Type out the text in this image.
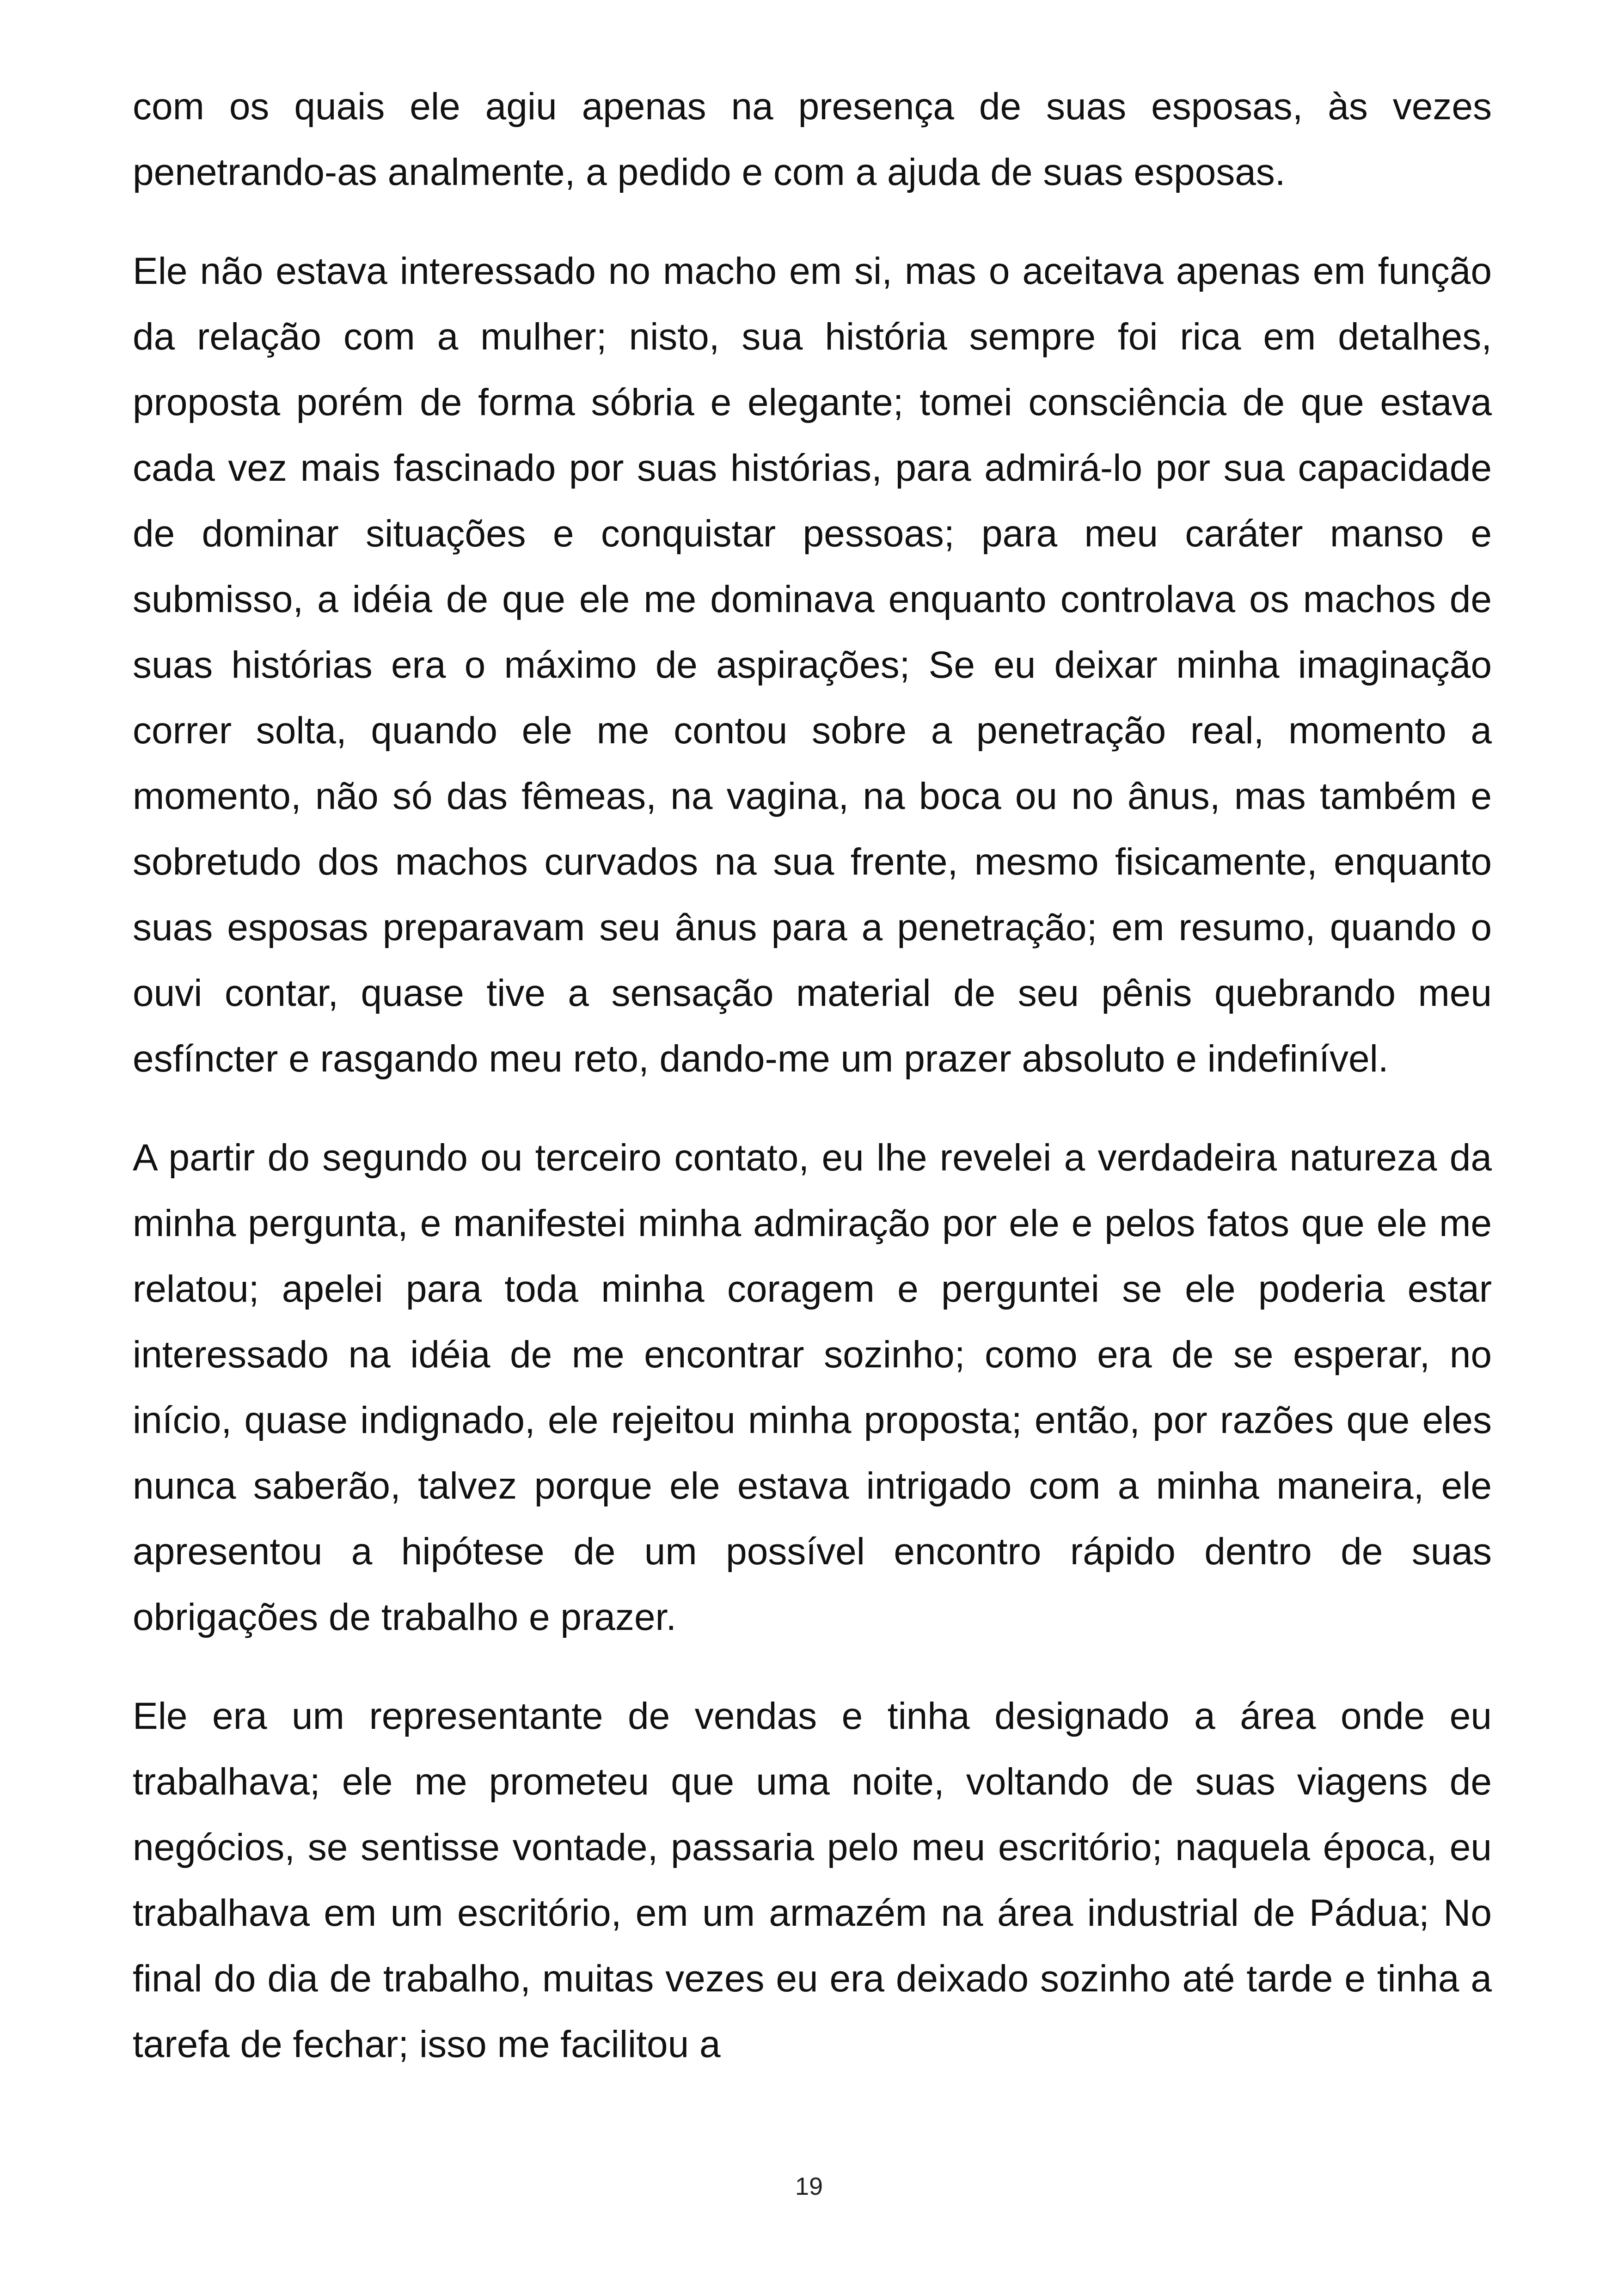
com os quais ele agiu apenas na presença de suas esposas, às vezes penetrando-as analmente, a pedido e com a ajuda de suas esposas.

Ele não estava interessado no macho em si, mas o aceitava apenas em função da relação com a mulher; nisto, sua história sempre foi rica em detalhes, proposta porém de forma sóbria e elegante; tomei consciência de que estava cada vez mais fascinado por suas histórias, para admirá-lo por sua capacidade de dominar situações e conquistar pessoas; para meu caráter manso e submisso, a idéia de que ele me dominava enquanto controlava os machos de suas histórias era o máximo de aspirações; Se eu deixar minha imaginação correr solta, quando ele me contou sobre a penetração real, momento a momento, não só das fêmeas, na vagina, na boca ou no ânus, mas também e sobretudo dos machos curvados na sua frente, mesmo fisicamente, enquanto suas esposas preparavam seu ânus para a penetração; em resumo, quando o ouvi contar, quase tive a sensação material de seu pênis quebrando meu esfíncter e rasgando meu reto, dando-me um prazer absoluto e indefinível.

A partir do segundo ou terceiro contato, eu lhe revelei a verdadeira natureza da minha pergunta, e manifestei minha admiração por ele e pelos fatos que ele me relatou; apelei para toda minha coragem e perguntei se ele poderia estar interessado na idéia de me encontrar sozinho; como era de se esperar, no início, quase indignado, ele rejeitou minha proposta; então, por razões que eles nunca saberão, talvez porque ele estava intrigado com a minha maneira, ele apresentou a hipótese de um possível encontro rápido dentro de suas obrigações de trabalho e prazer.

Ele era um representante de vendas e tinha designado a área onde eu trabalhava; ele me prometeu que uma noite, voltando de suas viagens de negócios, se sentisse vontade, passaria pelo meu escritório; naquela época, eu trabalhava em um escritório, em um armazém na área industrial de Pádua; No final do dia de trabalho, muitas vezes eu era deixado sozinho até tarde e tinha a tarefa de fechar; isso me facilitou a

19
